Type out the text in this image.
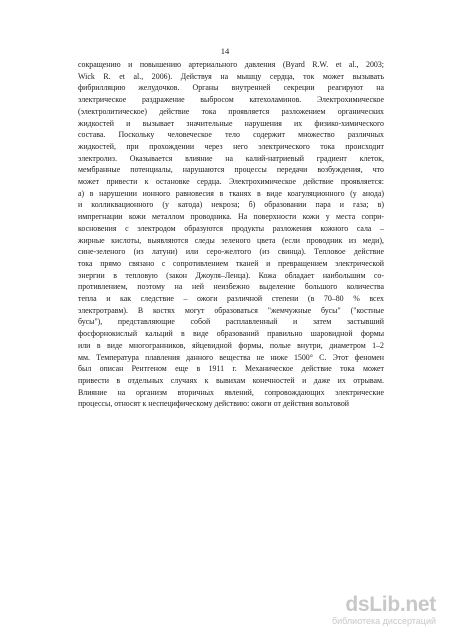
14
сокращению и повышению артериального давления (Byard R.W. et al., 2003;
Wick R. et al., 2006). Действуя на мышцу сердца, ток может вызывать
фибрилляцию желудочков. Органы внутренней секреции реагируют на
электрическое раздражение выбросом катехоламинов. Электрохимическое
(электролитическое) действие тока проявляется разложением органических
жидкостей и вызывает значительные нарушения их физико-химического
состава. Поскольку человеческое тело содержит множество различных
жидкостей, при прохождении через него электрического тока происходит
электролиз. Оказывается влияние на калий-натриевый градиент клеток,
мембранные потенциалы, нарушаются процессы передачи возбуждения, что
может привести к остановке сердца. Электрохимическое действие проявляется:
а) в нарушении ионного равновесия в тканях в виде коагуляционного (у анода)
и колликвационного (у катода) некроза; б) образовании пара и газа; в)
импрегнации кожи металлом проводника. На поверхности кожи у места сопри-
косновения с электродом образуются продукты разложения кожного сала –
жирные кислоты, выявляются следы зеленого цвета (если проводник из меди),
сине-зеленого (из латуни) или серо-желтого (из свинца). Тепловое действие
тока прямо связано с сопротивлением тканей и превращением электрической
энергии в тепловую (закон Джоуля–Ленца). Кожа обладает наибольшим со-
противлением, поэтому на ней неизбежно выделение большого количества
тепла и как следствие – ожоги различной степени (в 70–80 % всех
электротравм). В костях могут образоваться "жемчужные бусы" ("костные
бусы"), представляющие собой расплавленный и затем застывший
фосфорнокислый кальций в виде образований правильно шаровидной формы
или в виде многогранников, яйцевидной формы, полые внутри, диаметром 1–2
мм. Температура плавления данного вещества не ниже 1500° С. Этот феномен
был описан Рентгеном еще в 1911 г. Механическое действие тока может
привести в отдельных случаях к вывихам конечностей и даже их отрывам.
Влияние на организм вторичных явлений, сопровождающих электрические
процессы, относят к неспецифическому действию: ожоги от действия вольтовой
dsLib.net
библиотека диссертаций
